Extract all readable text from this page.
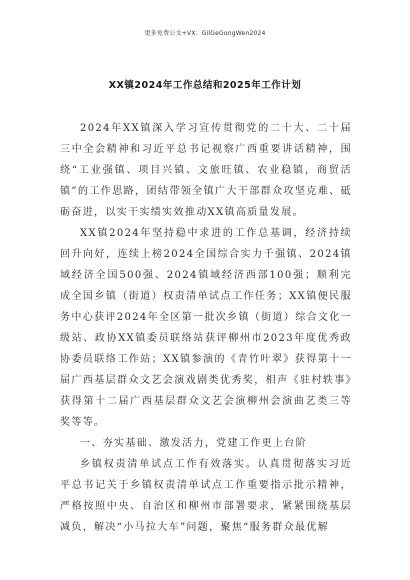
更多免费公文+VX：GilGeGongWen2024
XX镇2024年工作总结和2025年工作计划

2024年XX镇深入学习宣传贯彻党的二十大、二十届三中全会精神和习近平总书记视察广西重要讲话精神，围绕“工业强镇、项目兴镇、文旅旺镇、农业稳镇，商贸活镇”的工作思路，团结带领全镇广大干部群众攻坚克难、砥砺奋进，以实干实绩实效推动XX镇高质量发展。

XX镇2024年坚持稳中求进的工作总基调，经济持续回升向好，连续上榜2024全国综合实力千强镇、2024镇域经济全国500强、2024镇域经济西部100强；顺利完成全国乡镇（街道）权责清单试点工作任务；XX镇便民服务中心获评2024年全区第一批次乡镇（街道）综合文化一级站、政协XX镇委员联络站获评柳州市2023年度优秀政协委员联络工作站；XX镇参演的《青竹叶翠》获得第十一届广西基层群众文艺会演戏剧类优秀奖，相声《驻村轶事》获得第十二届广西基层群众文艺会演柳州会演曲艺类三等奖等等。

一、夯实基础、激发活力，党建工作更上台阶

乡镇权责清单试点工作有效落实。认真贯彻落实习近平总书记关于乡镇权责清单试点工作重要指示批示精神，严格按照中央、自治区和柳州市部署要求，紧紧围绕基层减负，解决“小马拉大车”问题，聚焦“服务群众最优解
